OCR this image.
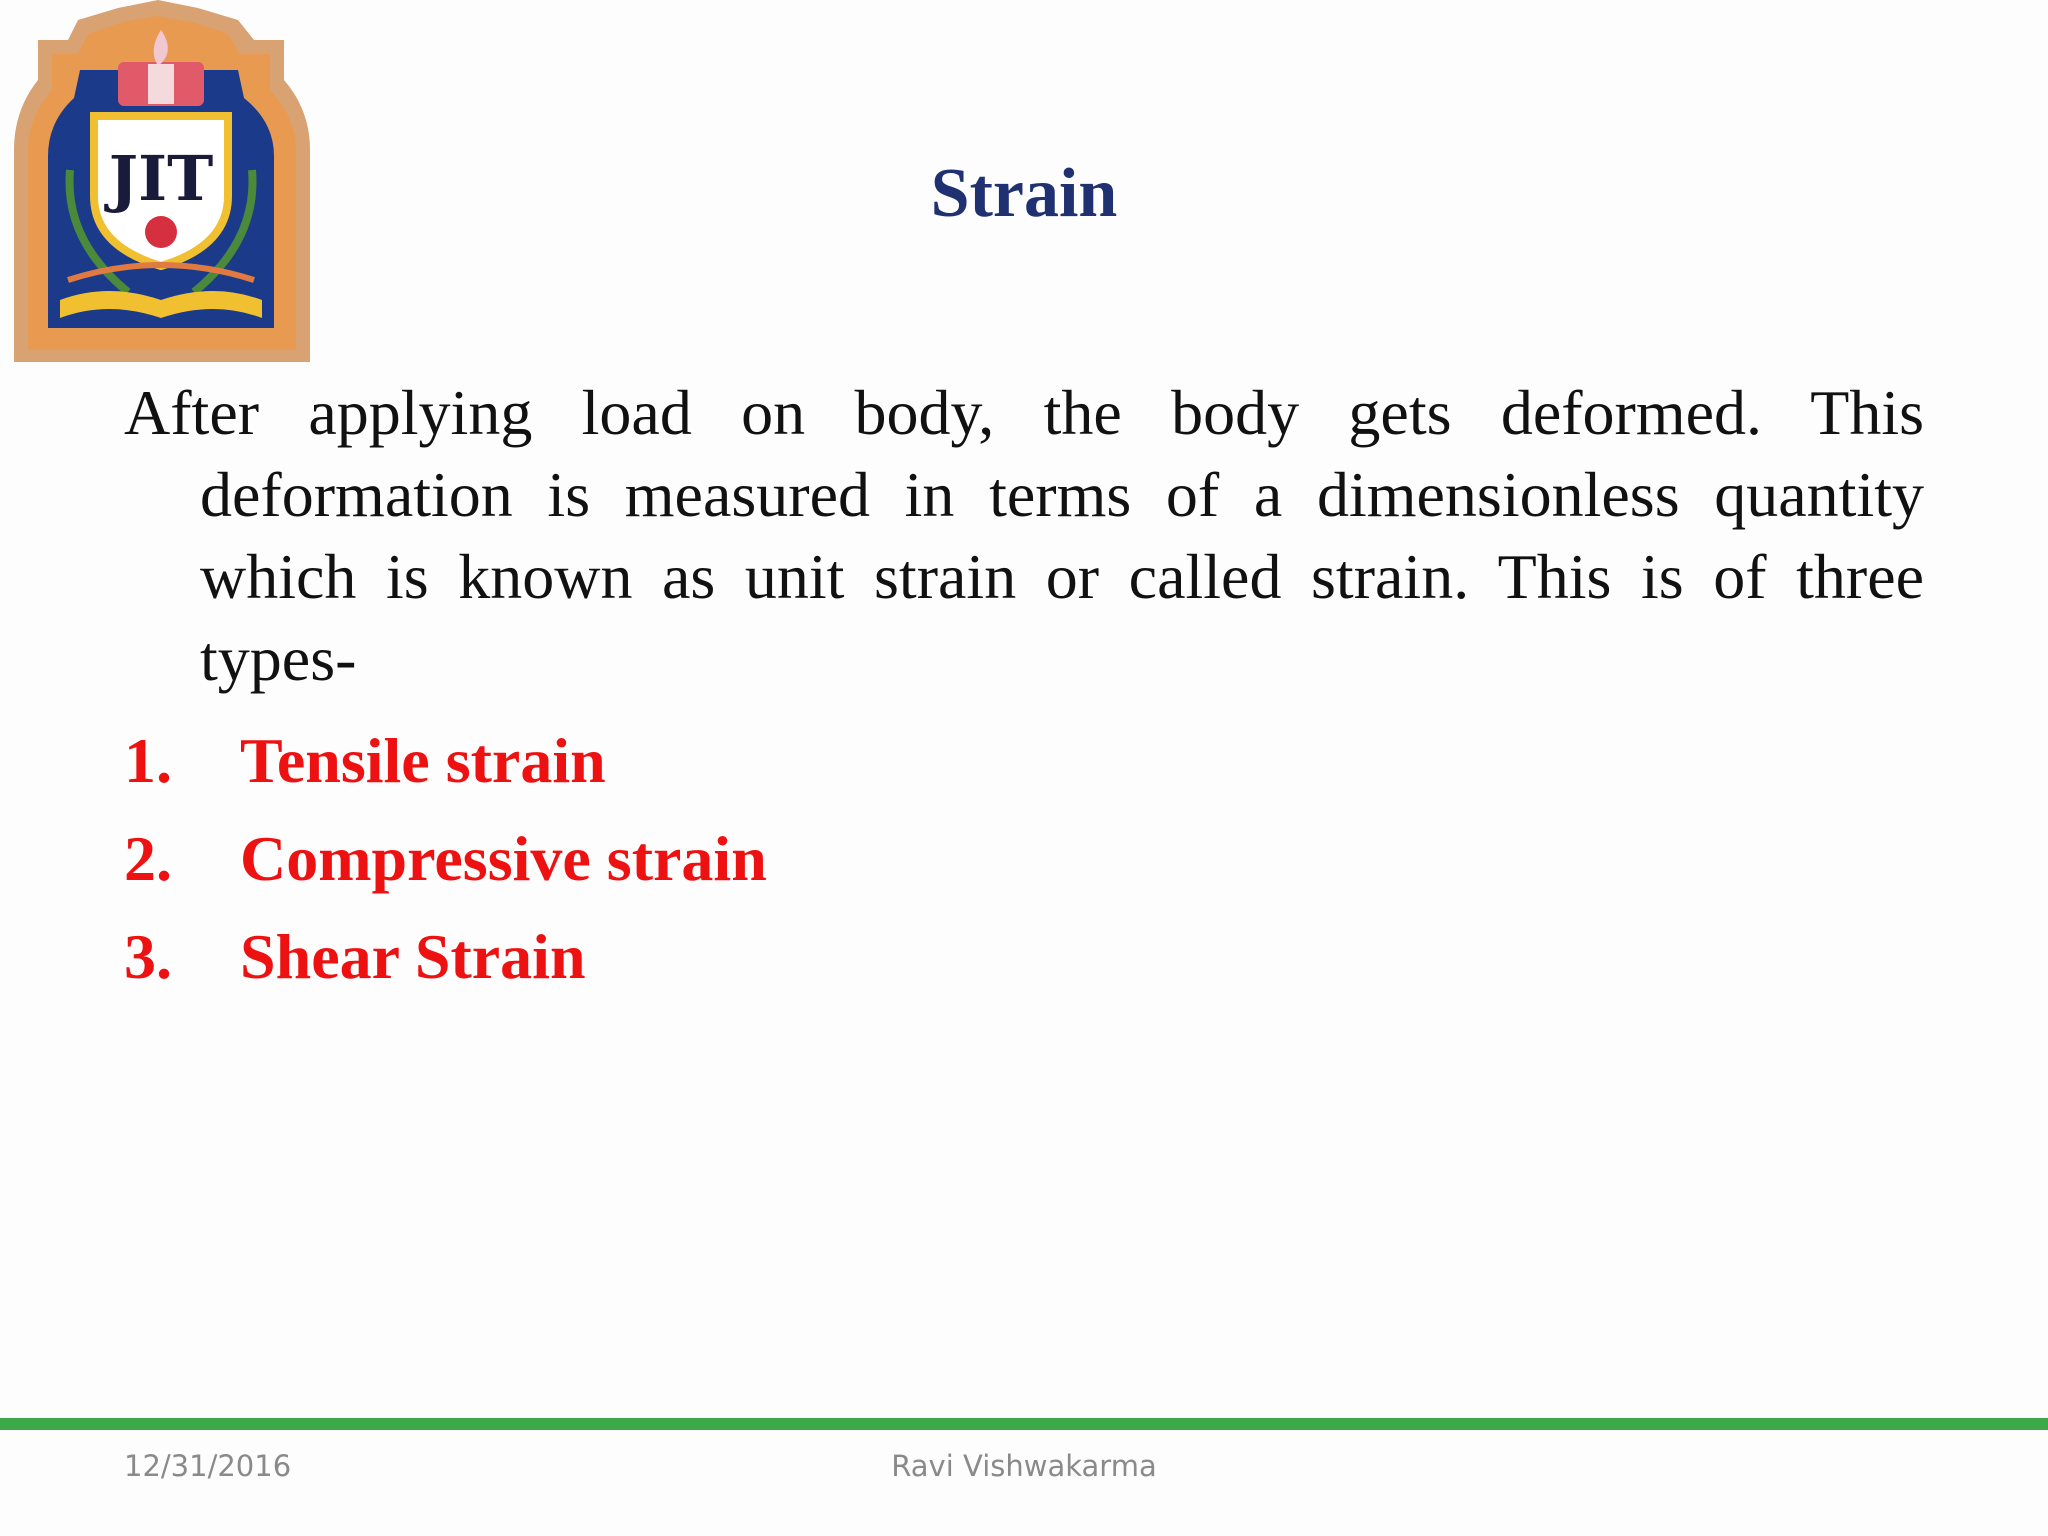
JIT	Strain
After applying load on body, the body gets deformed. This deformation is measured in terms of a dimensionless quantity which is known as unit strain or called strain. This is of three types-
1. Tensile strain
2. Compressive strain
3. Shear Strain
12/31/2016	Ravi Vishwakarma
